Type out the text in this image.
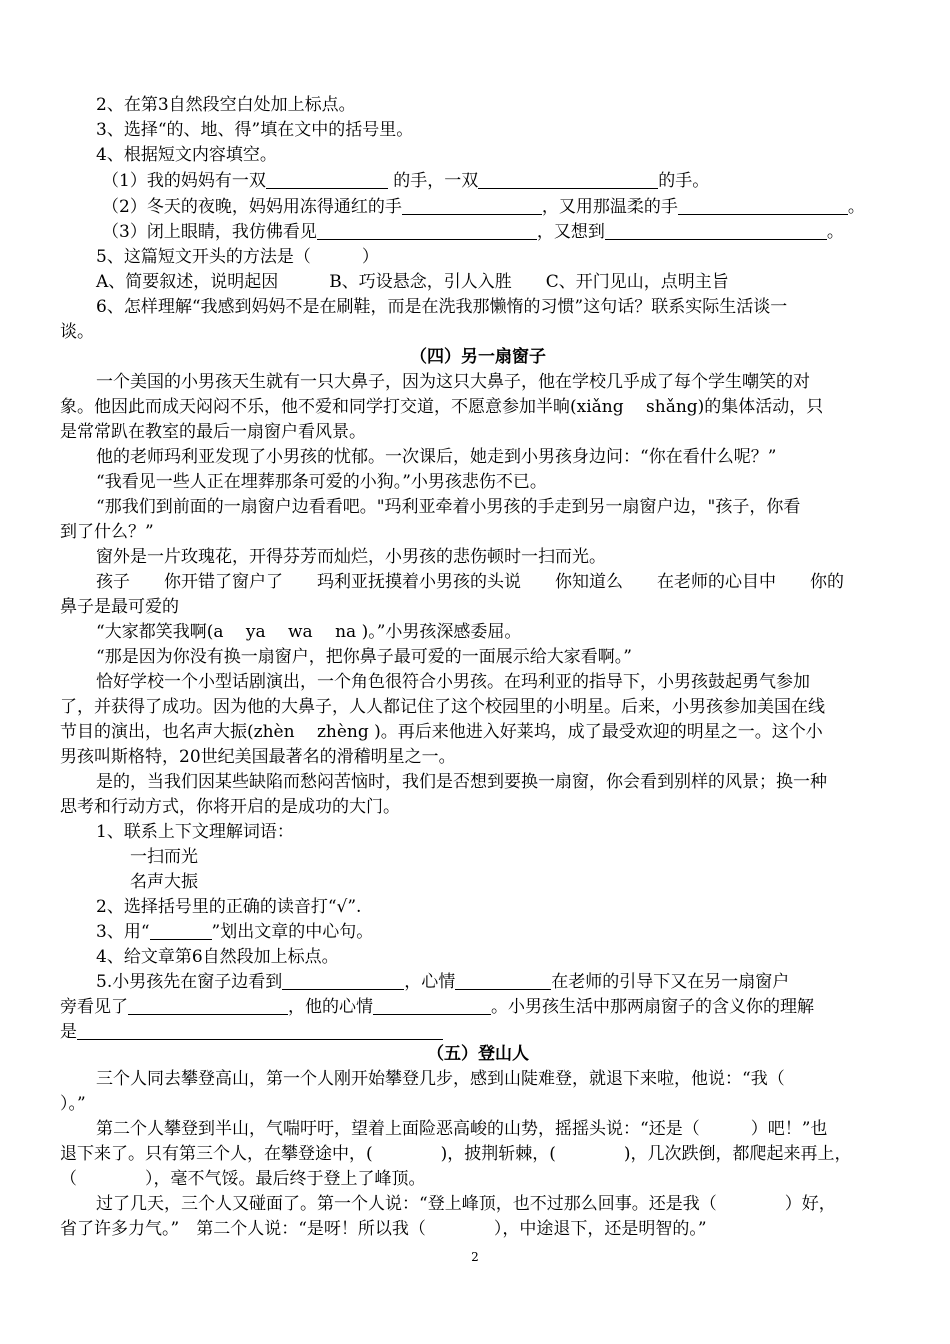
2、在第3自然段空白处加上标点。
3、选择“的、地、得”填在文中的括号里。
4、根据短文内容填空。
（1）我的妈妈有一双	的手，一双	的手。
（2）冬天的夜晚，妈妈用冻得通红的手	，又用那温柔的手	。
（3）闭上眼睛，我仿佛看见	，又想到	。
5、这篇短文开头的方法是（　　　）
A、简要叙述，说明起因　　　B、巧设悬念，引人入胜　　C、开门见山，点明主旨
6、怎样理解“我感到妈妈不是在刷鞋，而是在洗我那懒惰的习惯”这句话？联系实际生活谈一
谈。
（四）另一扇窗子
一个美国的小男孩天生就有一只大鼻子，因为这只大鼻子，他在学校几乎成了每个学生嘲笑的对
象。他因此而成天闷闷不乐，他不爱和同学打交道，不愿意参加半晌(xiǎng　 shǎng)的集体活动，只
是常常趴在教室的最后一扇窗户看风景。
他的老师玛利亚发现了小男孩的忧郁。一次课后，她走到小男孩身边问：“你在看什么呢？”
“我看见一些人正在埋葬那条可爱的小狗。”小男孩悲伤不已。
“那我们到前面的一扇窗户边看看吧。"玛利亚牵着小男孩的手走到另一扇窗户边，"孩子，你看
到了什么？”
窗外是一片玫瑰花，开得芬芳而灿烂，小男孩的悲伤顿时一扫而光。
孩子　　你开错了窗户了　　玛利亚抚摸着小男孩的头说　　你知道么　　在老师的心目中　　你的
鼻子是最可爱的
“大家都笑我啊(a　 ya　 wa　 na )。”小男孩深感委屈。
“那是因为你没有换一扇窗户，把你鼻子最可爱的一面展示给大家看啊。”
恰好学校一个小型话剧演出，一个角色很符合小男孩。在玛利亚的指导下，小男孩鼓起勇气参加
了，并获得了成功。因为他的大鼻子，人人都记住了这个校园里的小明星。后来，小男孩参加美国在线
节目的演出，也名声大振(zhèn　 zhèng )。再后来他进入好莱坞，成了最受欢迎的明星之一。这个小
男孩叫斯格特，20世纪美国最著名的滑稽明星之一。
是的，当我们因某些缺陷而愁闷苦恼时，我们是否想到要换一扇窗，你会看到别样的风景；换一种
思考和行动方式，你将开启的是成功的大门。
1、联系上下文理解词语：
一扫而光
名声大振
2、选择括号里的正确的读音打“√”.
3、用“	”划出文章的中心句。
4、给文章第6自然段加上标点。
5.小男孩先在窗子边看到	，心情	在老师的引导下又在另一扇窗户
旁看见了	，他的心情	。小男孩生活中那两扇窗子的含义你的理解
是
（五）登山人
三个人同去攀登高山，第一个人刚开始攀登几步，感到山陡难登，就退下来啦，他说：“我（
）。”
第二个人攀登到半山，气喘吁吁，望着上面险恶高峻的山势，摇摇头说：“还是（　　　）吧！”也
退下来了。只有第三个人，在攀登途中，(　　　　)，披荆斩棘，(　　　　)，几次跌倒，都爬起来再上，
（　　　　），毫不气馁。最后终于登上了峰顶。
过了几天，三个人又碰面了。第一个人说：“登上峰顶，也不过那么回事。还是我（　　　　）好，
省了许多力气。”　第二个人说：“是呀！所以我（　　　　），中途退下，还是明智的。”
2
